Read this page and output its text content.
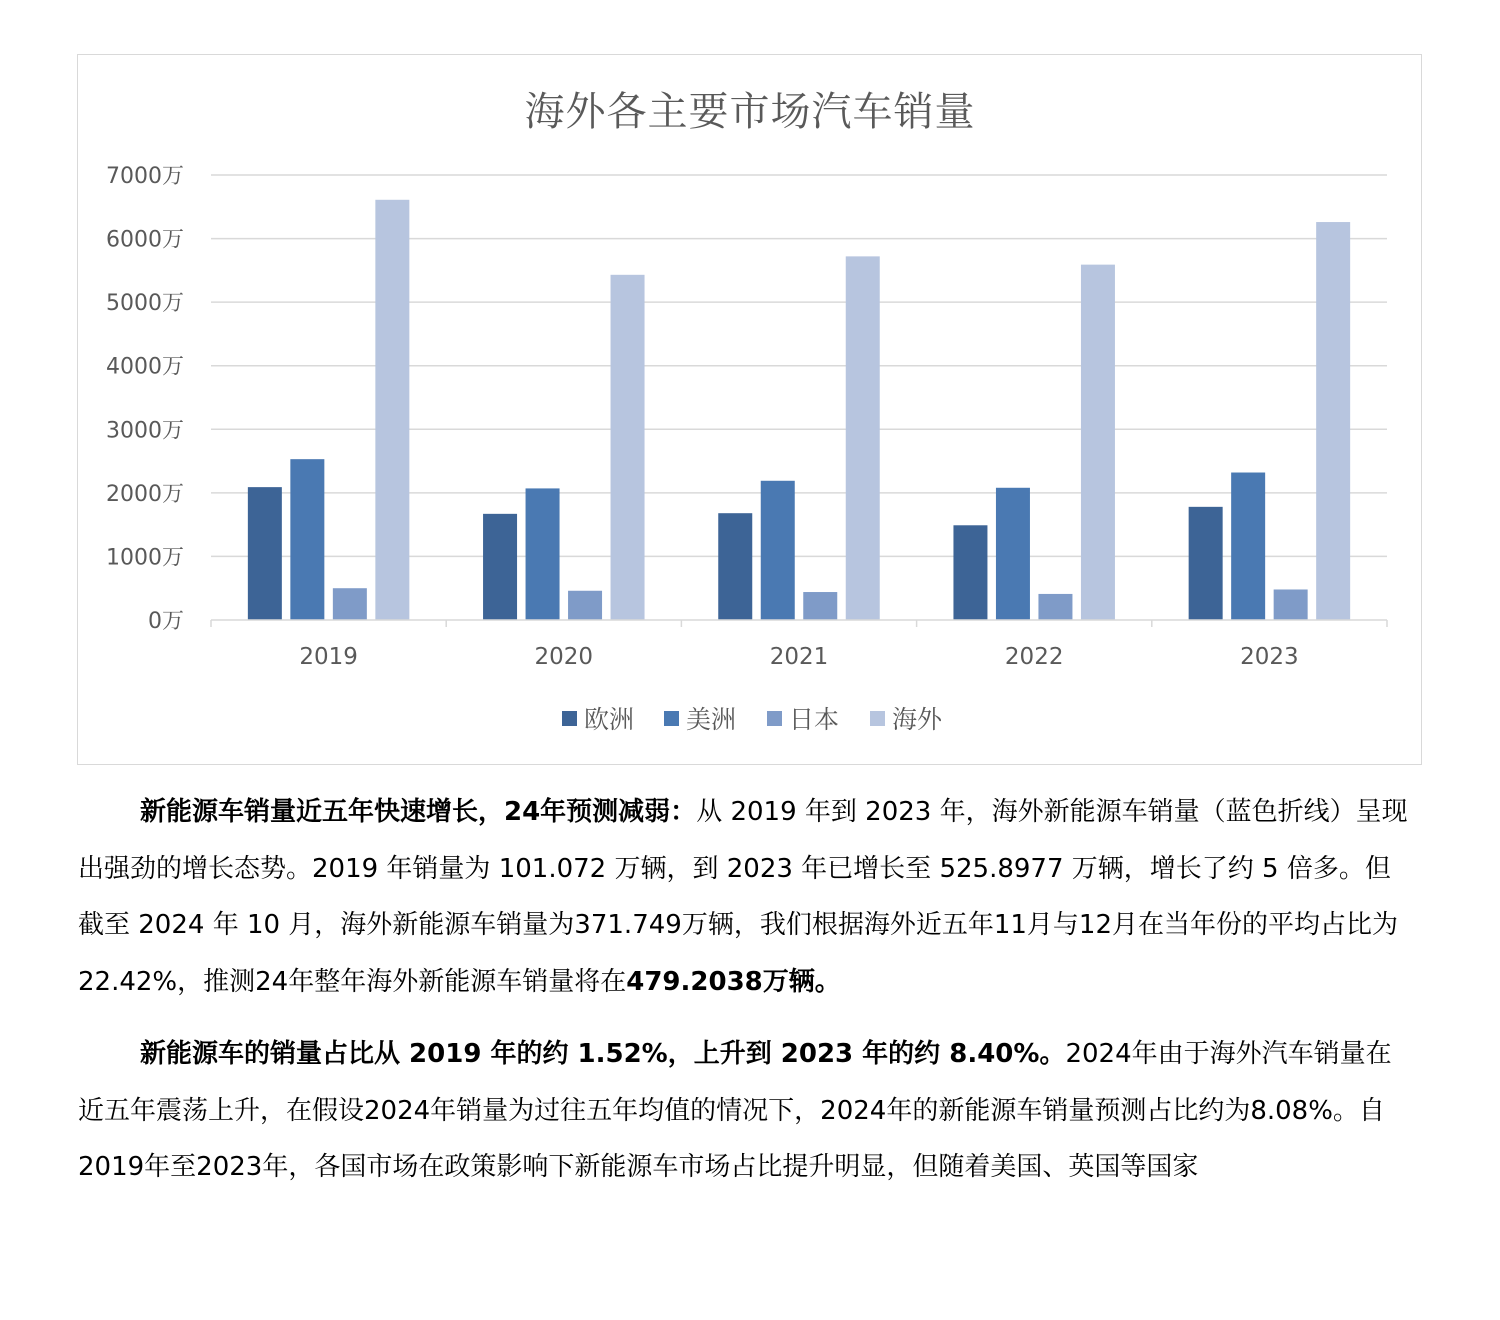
海外各主要市场汽车销量
0万
1000万
2000万
3000万
4000万
5000万
6000万
7000万
2019	2020	2021	2022	2023
欧洲 美洲 日本 海外

新能源车销量近五年快速增长，24年预测减弱：从 2019 年到 2023 年，海外新能源车销量（蓝色折线）呈现出强劲的增长态势。2019 年销量为 101.072 万辆，到 2023 年已增长至 525.8977 万辆，增长了约 5 倍多。但截至 2024 年 10 月，海外新能源车销量为371.749万辆，我们根据海外近五年11月与12月在当年份的平均占比为22.42%，推测24年整年海外新能源车销量将在479.2038万辆。

新能源车的销量占比从 2019 年的约 1.52%，上升到 2023 年的约 8.40%。2024年由于海外汽车销量在近五年震荡上升，在假设2024年销量为过往五年均值的情况下，2024年的新能源车销量预测占比约为8.08%。自2019年至2023年，各国市场在政策影响下新能源车市场占比提升明显，但随着美国、英国等国家
